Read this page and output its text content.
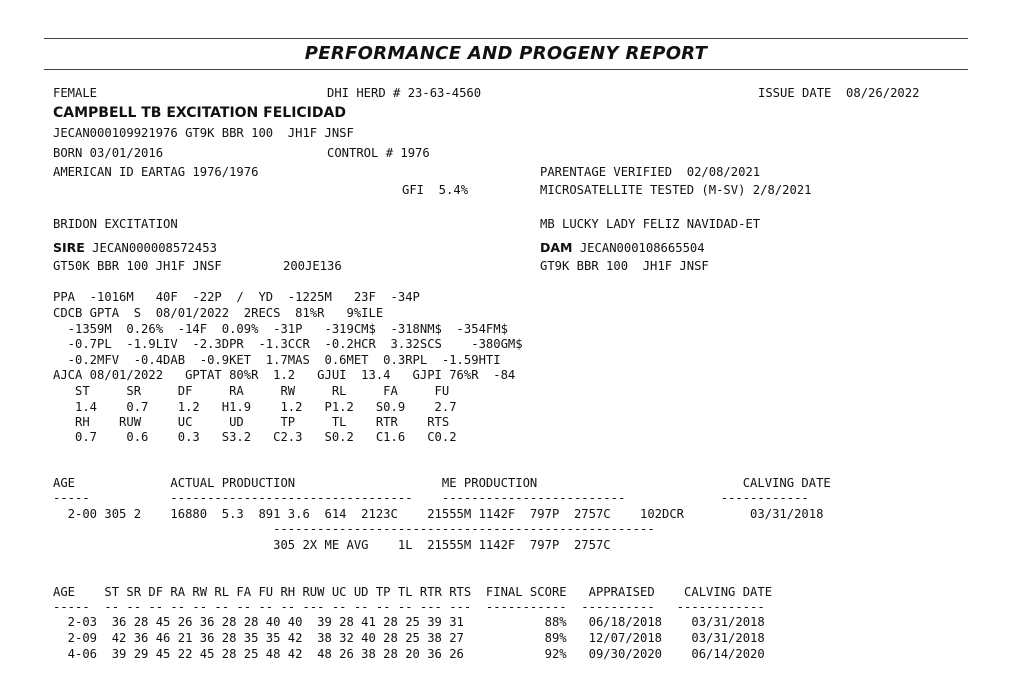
PERFORMANCE AND PROGENY REPORT
FEMALE	DHI HERD # 23-63-4560	ISSUE DATE  08/26/2022
CAMPBELL TB EXCITATION FELICIDAD
JECAN000109921976 GT9K BBR 100  JH1F JNSF
BORN 03/01/2016	CONTROL # 1976
AMERICAN ID EARTAG 1976/1976	PARENTAGE VERIFIED  02/08/2021
GFI  5.4%	MICROSATELLITE TESTED (M-SV) 2/8/2021
BRIDON EXCITATION	MB LUCKY LADY FELIZ NAVIDAD-ET
SIRE JECAN000008572453	DAM JECAN000108665504
GT50K BBR 100 JH1F JNSF	200JE136	GT9K BBR 100  JH1F JNSF
PPA  -1016M   40F  -22P  /  YD  -1225M   23F  -34P
CDCB GPTA  S  08/01/2022  2RECS  81%R   9%ILE
-1359M  0.26%  -14F  0.09%  -31P   -319CM$  -318NM$  -354FM$
-0.7PL  -1.9LIV  -2.3DPR  -1.3CCR  -0.2HCR  3.32SCS    -380GM$
-0.2MFV  -0.4DAB  -0.9KET  1.7MAS  0.6MET  0.3RPL  -1.59HTI
AJCA 08/01/2022   GPTAT 80%R  1.2   GJUI  13.4   GJPI 76%R  -84
ST     SR     DF     RA     RW     RL     FA     FU
1.4    0.7    1.2   H1.9    1.2   P1.2   S0.9    2.7
RH    RUW     UC     UD     TP     TL    RTR    RTS
0.7    0.6    0.3   S3.2   C2.3   S0.2   C1.6   C0.2
AGE             ACTUAL PRODUCTION                    ME PRODUCTION                            CALVING DATE
-----           ---------------------------------    -------------------------             ------------
2-00 305 2    16880  5.3  891 3.6  614  2123C    21555M 1142F  797P  2757C    102DCR         03/31/2018
----------------------------------------------------
305 2X ME AVG    1L  21555M 1142F  797P  2757C
AGE    ST SR DF RA RW RL FA FU RH RUW UC UD TP TL RTR RTS  FINAL SCORE   APPRAISED    CALVING DATE
-----  -- -- -- -- -- -- -- -- -- --- -- -- -- -- --- ---  -----------  ----------   ------------
2-03  36 28 45 26 36 28 28 40 40  39 28 41 28 25 39 31           88%   06/18/2018    03/31/2018
2-09  42 36 46 21 36 28 35 35 42  38 32 40 28 25 38 27           89%   12/07/2018    03/31/2018
4-06  39 29 45 22 45 28 25 48 42  48 26 38 28 20 36 26           92%   09/30/2020    06/14/2020
